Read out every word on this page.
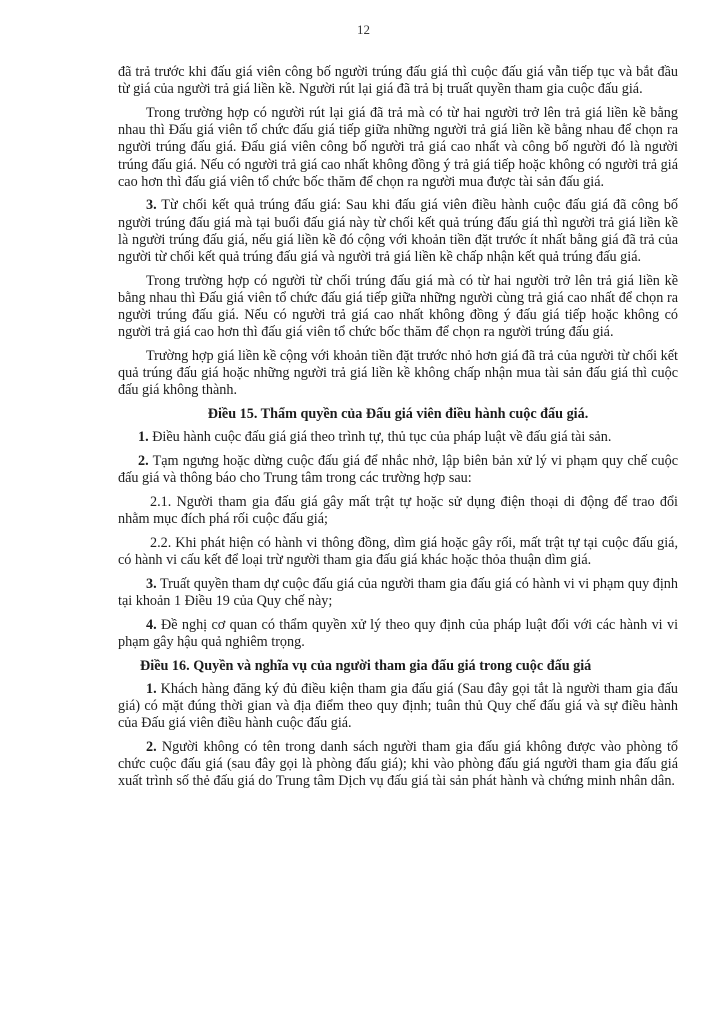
12

đã trả trước khi đấu giá viên công bố người trúng đấu giá thì cuộc đấu giá vẫn tiếp tục và bắt đầu từ giá của người trả giá liền kề. Người rút lại giá đã trả bị truất quyền tham gia cuộc đấu giá.

Trong trường hợp có người rút lại giá đã trả mà có từ hai người trở lên trả giá liền kề bằng nhau thì Đấu giá viên tổ chức đấu giá tiếp giữa những người trả giá liền kề bằng nhau để chọn ra người trúng đấu giá. Đấu giá viên công bố người trả giá cao nhất và công bố người đó là người trúng đấu giá. Nếu có người trả giá cao nhất không đồng ý trả giá tiếp hoặc không có người trả giá cao hơn thì đấu giá viên tổ chức bốc thăm để chọn ra người mua được tài sản đấu giá.

3. Từ chối kết quả trúng đấu giá: Sau khi đấu giá viên điều hành cuộc đấu giá đã công bố người trúng đấu giá mà tại buổi đấu giá này từ chối kết quả trúng đấu giá thì người trả giá liền kề là người trúng đấu giá, nếu giá liền kề đó cộng với khoản tiền đặt trước ít nhất bằng giá đã trả của người từ chối kết quả trúng đấu giá và người trả giá liền kề chấp nhận kết quả trúng đấu giá.

Trong trường hợp có người từ chối trúng đấu giá mà có từ hai người trở lên trả giá liền kề bằng nhau thì Đấu giá viên tổ chức đấu giá tiếp giữa những người cùng trả giá cao nhất để chọn ra người trúng đấu giá. Nếu có người trả giá cao nhất không đồng ý đấu giá tiếp hoặc không có người trả giá cao hơn thì đấu giá viên tổ chức bốc thăm để chọn ra người trúng đấu giá.

Trường hợp giá liền kề cộng với khoản tiền đặt trước nhỏ hơn giá đã trả của người từ chối kết quả trúng đấu giá hoặc những người trả giá liền kề không chấp nhận mua tài sản đấu giá thì cuộc đấu giá không thành.

Điều 15. Thẩm quyền của Đấu giá viên điều hành cuộc đấu giá.

1. Điều hành cuộc đấu giá giá theo trình tự, thủ tục của pháp luật về đấu giá tài sản.

2. Tạm ngưng hoặc dừng cuộc đấu giá để nhắc nhở, lập biên bản xử lý vi phạm quy chế cuộc đấu giá và thông báo cho Trung tâm trong các trường hợp sau:

2.1. Người tham gia đấu giá gây mất trật tự hoặc sử dụng điện thoại di động để trao đổi nhằm mục đích phá rối cuộc đấu giá;

2.2. Khi phát hiện có hành vi thông đồng, dìm giá hoặc gây rối, mất trật tự tại cuộc đấu giá, có hành vi cấu kết để loại trừ người tham gia đấu giá khác hoặc thỏa thuận dìm giá.

3. Truất quyền tham dự cuộc đấu giá của người tham gia đấu giá có hành vi vi phạm quy định tại khoản 1 Điều 19 của Quy chế này;

4. Đề nghị cơ quan có thẩm quyền xử lý theo quy định của pháp luật đối với các hành vi vi phạm gây hậu quả nghiêm trọng.

Điều 16. Quyền và nghĩa vụ của người tham gia đấu giá trong cuộc đấu giá

1. Khách hàng đăng ký đủ điều kiện tham gia đấu giá (Sau đây gọi tắt là người tham gia đấu giá) có mặt đúng thời gian và địa điểm theo quy định; tuân thủ Quy chế đấu giá và sự điều hành của Đấu giá viên điều hành cuộc đấu giá.

2. Người không có tên trong danh sách người tham gia đấu giá không được vào phòng tổ chức cuộc đấu giá (sau đây gọi là phòng đấu giá); khi vào phòng đấu giá người tham gia đấu giá xuất trình số thẻ đấu giá do Trung tâm Dịch vụ đấu giá tài sản phát hành và chứng minh nhân dân.
